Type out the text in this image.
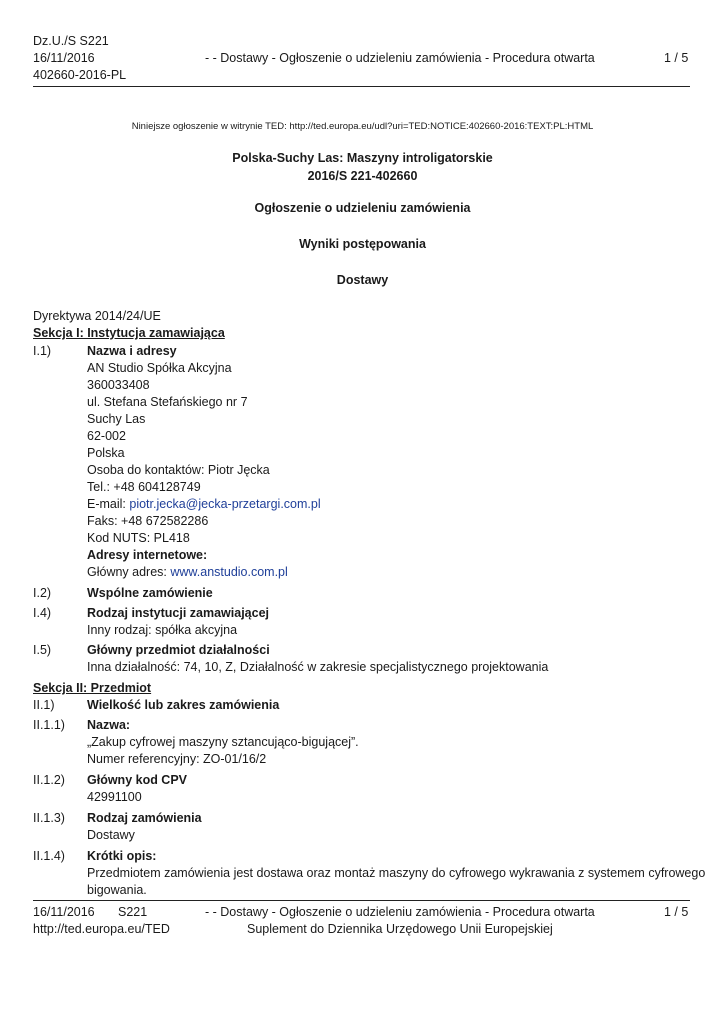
Dz.U./S S221
16/11/2016
402660-2016-PL
- - Dostawy - Ogłoszenie o udzieleniu zamówienia - Procedura otwarta	1 / 5
Niniejsze ogłoszenie w witrynie TED: http://ted.europa.eu/udl?uri=TED:NOTICE:402660-2016:TEXT:PL:HTML
Polska-Suchy Las: Maszyny introligatorskie
2016/S 221-402660
Ogłoszenie o udzieleniu zamówienia
Wyniki postępowania
Dostawy
Dyrektywa 2014/24/UE
Sekcja I: Instytucja zamawiająca
I.1)	Nazwa i adresy
AN Studio Spółka Akcyjna
360033408
ul. Stefana Stefańskiego nr 7
Suchy Las
62-002
Polska
Osoba do kontaktów: Piotr Jęcka
Tel.: +48 604128749
E-mail: piotr.jecka@jecka-przetargi.com.pl
Faks: +48 672582286
Kod NUTS: PL418
Adresy internetowe:
Główny adres: www.anstudio.com.pl
I.2)	Wspólne zamówienie
I.4)	Rodzaj instytucji zamawiającej
Inny rodzaj: spółka akcyjna
I.5)	Główny przedmiot działalności
Inna działalność: 74, 10, Z, Działalność w zakresie specjalistycznego projektowania
Sekcja II: Przedmiot
II.1)	Wielkość lub zakres zamówienia
II.1.1) Nazwa:
„Zakup cyfrowej maszyny sztancująco-bigującej”.
Numer referencyjny: ZO-01/16/2
II.1.2) Główny kod CPV
42991100
II.1.3) Rodzaj zamówienia
Dostawy
II.1.4) Krótki opis:
Przedmiotem zamówienia jest dostawa oraz montaż maszyny do cyfrowego wykrawania z systemem cyfrowego
bigowania.
16/11/2016 S221	- - Dostawy - Ogłoszenie o udzieleniu zamówienia - Procedura otwarta	1 / 5
http://ted.europa.eu/TED	Suplement do Dziennika Urzędowego Unii Europejskiej
